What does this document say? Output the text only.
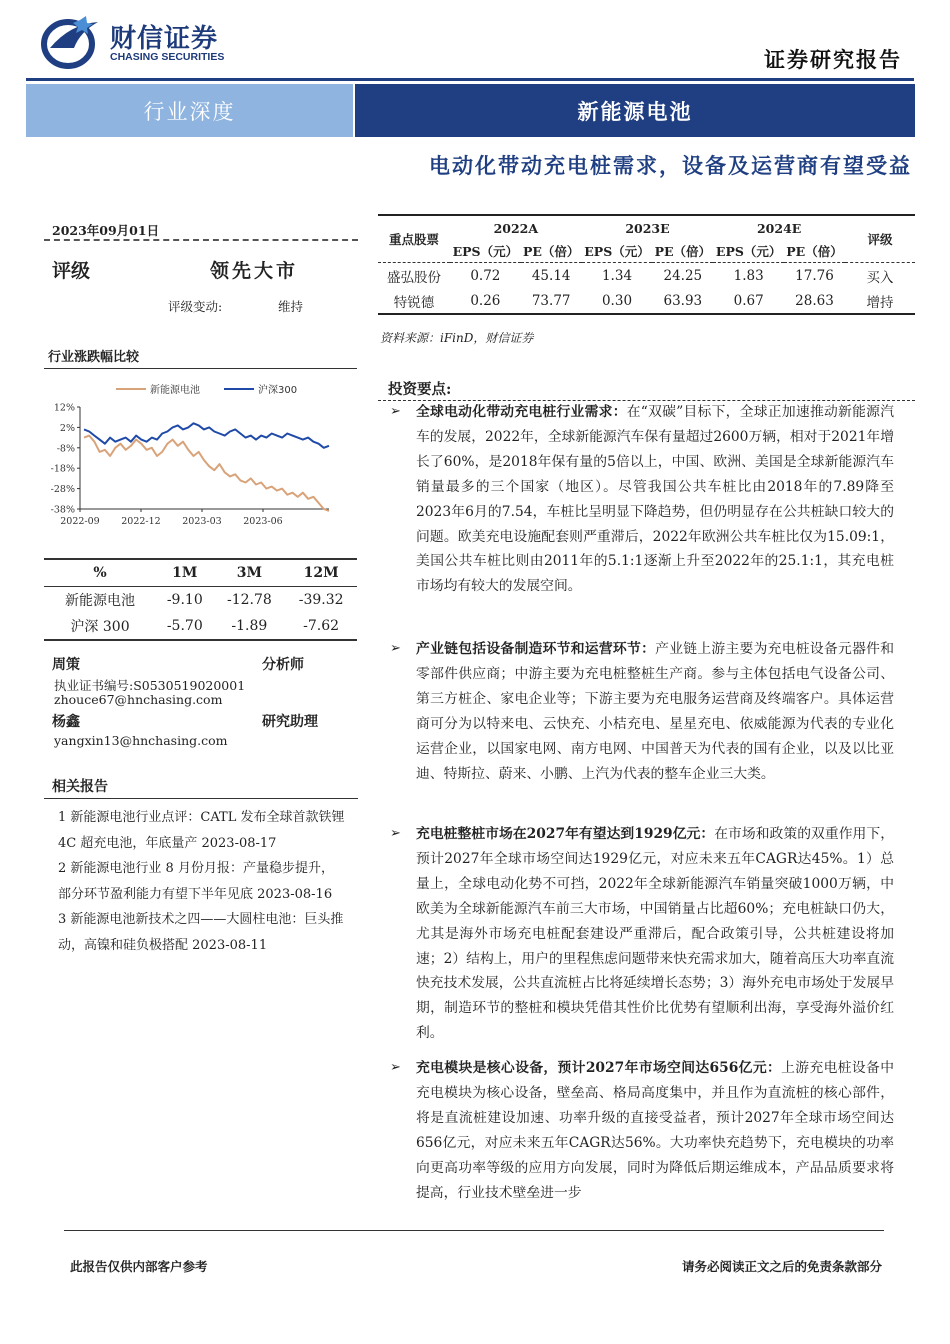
财信证券
CHASING SECURITIES	证券研究报告
行业深度	新能源电池
电动化带动充电桩需求，设备及运营商有望受益
2023年09月01日
评级	领先大市
评级变动:	维持
行业涨跌幅比较
新能源电池	沪深300
12%
2%
-8%
-18%
-28%
-38%
2022-09 2022-12 2023-03 2023-06
%	1M	3M	12M
新能源电池	-9.10	-12.78	-39.32
沪深 300	-5.70	-1.89	-7.62
周策	分析师
执业证书编号:S0530519020001
zhouce67@hnchasing.com
杨鑫	研究助理
yangxin13@hnchasing.com
相关报告
1 新能源电池行业点评：CATL 发布全球首款铁锂 4C 超充电池，年底量产 2023-08-17
2 新能源电池行业 8 月份月报：产量稳步提升，部分环节盈利能力有望下半年见底 2023-08-16
3 新能源电池新技术之四——大圆柱电池：巨头推动，高镍和硅负极搭配 2023-08-11
重点股票	2022A		2023E		2024E		评级
	EPS（元）	PE（倍）	EPS（元）	PE（倍）	EPS（元）	PE（倍）	
盛弘股份	0.72	45.14	1.34	24.25	1.83	17.76	买入
特锐德	0.26	73.77	0.30	63.93	0.67	28.63	增持
资料来源：iFinD，财信证券
投资要点:
➢ 全球电动化带动充电桩行业需求：在“双碳”目标下，全球正加速推动新能源汽车的发展，2022年，全球新能源汽车保有量超过2600万辆，相对于2021年增长了60%，是2018年保有量的5倍以上，中国、欧洲、美国是全球新能源汽车销量最多的三个国家（地区）。尽管我国公共车桩比由2018年的7.89降至2023年6月的7.54，车桩比呈明显下降趋势，但仍明显存在公共桩缺口较大的问题。欧美充电设施配套则严重滞后，2022年欧洲公共车桩比仅为15.09:1，美国公共车桩比则由2011年的5.1:1逐渐上升至2022年的25.1:1，其充电桩市场均有较大的发展空间。
➢ 产业链包括设备制造环节和运营环节：产业链上游主要为充电桩设备元器件和零部件供应商；中游主要为充电桩整桩生产商。参与主体包括电气设备公司、第三方桩企、家电企业等；下游主要为充电服务运营商及终端客户。具体运营商可分为以特来电、云快充、小桔充电、星星充电、依威能源为代表的专业化运营企业，以国家电网、南方电网、中国普天为代表的国有企业，以及以比亚迪、特斯拉、蔚来、小鹏、上汽为代表的整车企业三大类。
➢ 充电桩整桩市场在2027年有望达到1929亿元：在市场和政策的双重作用下，预计2027年全球市场空间达1929亿元，对应未来五年CAGR达45%。1）总量上，全球电动化势不可挡，2022年全球新能源汽车销量突破1000万辆，中欧美为全球新能源汽车前三大市场，中国销量占比超60%；充电桩缺口仍大，尤其是海外市场充电桩配套建设严重滞后，配合政策引导，公共桩建设将加速；2）结构上，用户的里程焦虑问题带来快充需求加大，随着高压大功率直流快充技术发展，公共直流桩占比将延续增长态势；3）海外充电市场处于发展早期，制造环节的整桩和模块凭借其性价比优势有望顺利出海，享受海外溢价红利。
➢ 充电模块是核心设备，预计2027年市场空间达656亿元：上游充电桩设备中充电模块为核心设备，壁垒高、格局高度集中，并且作为直流桩的核心部件，将是直流桩建设加速、功率升级的直接受益者，预计2027年全球市场空间达656亿元，对应未来五年CAGR达56%。大功率快充趋势下，充电模块的功率向更高功率等级的应用方向发展，同时为降低后期运维成本，产品品质要求将提高，行业技术壁垒进一步
此报告仅供内部客户参考	请务必阅读正文之后的免责条款部分
